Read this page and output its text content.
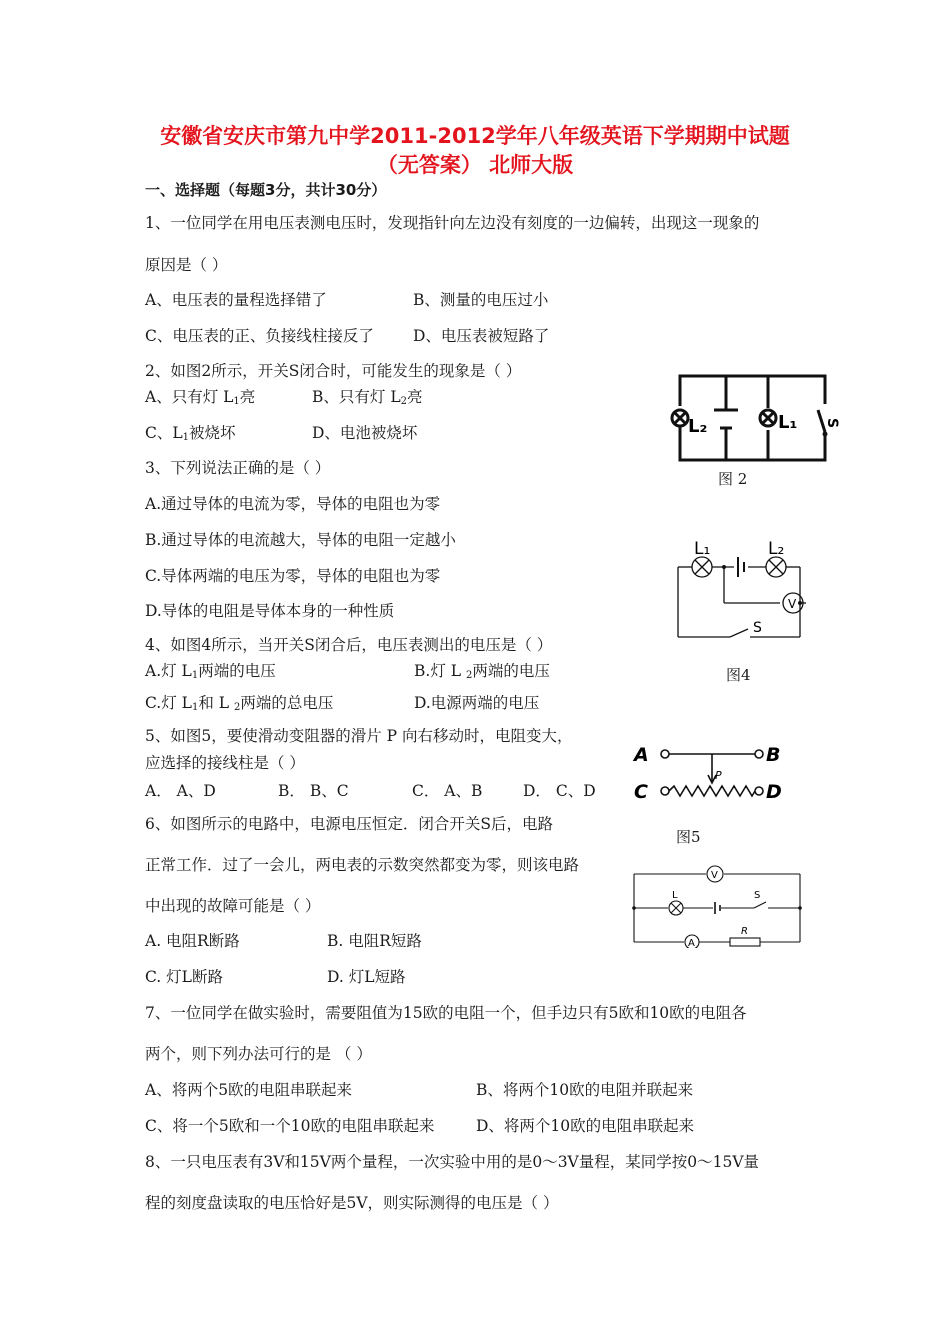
安徽省安庆市第九中学2011-2012学年八年级英语下学期期中试题
（无答案） 北师大版
一、选择题（每题3分，共计30分）
1、一位同学在用电压表测电压时，发现指针向左边没有刻度的一边偏转，出现这一现象的
原因是（ ）
A、电压表的量程选择错了	B、测量的电压过小
C、电压表的正、负接线柱接反了	D、电压表被短路了
2、如图2所示，开关S闭合时，可能发生的现象是（ ）
A、只有灯 $L_1$亮	B、只有灯 $L_2$亮
C、$L_1$被烧坏	D、电池被烧坏	L₂	L₁ S
图 2
3、下列说法正确的是（ ）
A.通过导体的电流为零，导体的电阻也为零
B.通过导体的电流越大，导体的电阻一定越小
C.导体两端的电压为零，导体的电阻也为零
D.导体的电阻是导体本身的一种性质
L₁	L₂
V
S
图4
4、如图4所示，当开关S闭合后，电压表测出的电压是（ ）
A.灯 $L_1$两端的电压	B.灯 L $_2$两端的电压
C.灯 $L_1$和 L $_2$两端的总电压	D.电源两端的电压
5、如图5，要使滑动变阻器的滑片 P 向右移动时，电阻变大，
应选择的接线柱是（ ）
A． A、D	B． B、C	C． A、B	D． C、D
A	B
C	D
P
图5
6、如图所示的电路中，电源电压恒定．闭合开关S后，电路
正常工作．过了一会儿，两电表的示数突然都变为零，则该电路
中出现的故障可能是（ ）
A. 电阻R断路	B. 电阻R短路
C. 灯L断路	D. 灯L短路
V
L	S
A
R
7、一位同学在做实验时，需要阻值为15欧的电阻一个，但手边只有5欧和10欧的电阻各
两个，则下列办法可行的是 （ ）
A、将两个5欧的电阻串联起来	B、将两个10欧的电阻并联起来
C、将一个5欧和一个10欧的电阻串联起来	D、将两个10欧的电阻串联起来
8、一只电压表有3V和15V两个量程，一次实验中用的是0～3V量程，某同学按0～15V量
程的刻度盘读取的电压恰好是5V，则实际测得的电压是（ ）
